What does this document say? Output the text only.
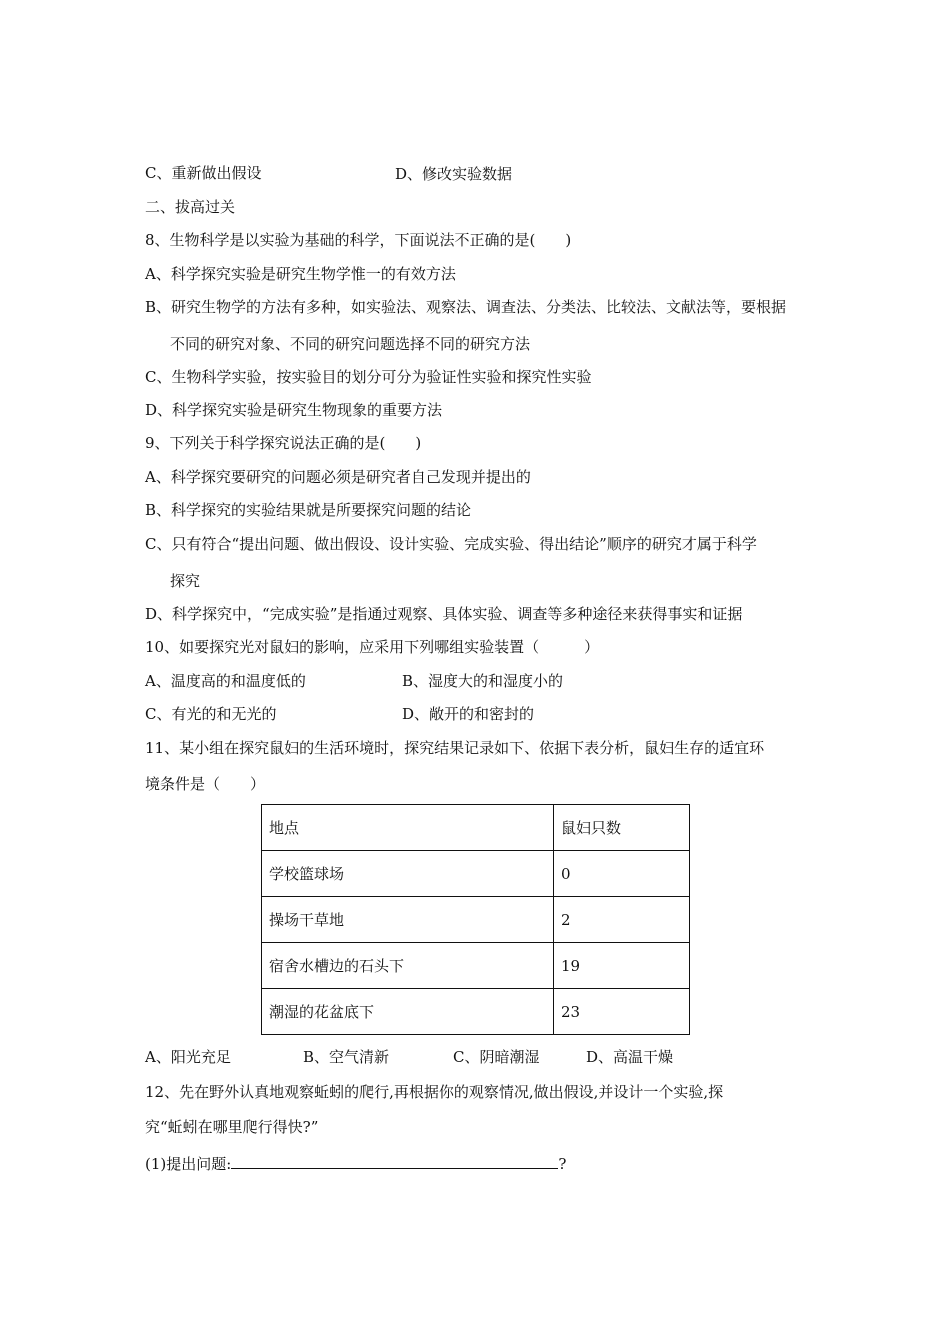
C、重新做出假设	D、修改实验数据
二、拔高过关
8、生物科学是以实验为基础的科学，下面说法不正确的是(　　)
A、科学探究实验是研究生物学惟一的有效方法
B、研究生物学的方法有多种，如实验法、观察法、调查法、分类法、比较法、文献法等，要根据
不同的研究对象、不同的研究问题选择不同的研究方法
C、生物科学实验，按实验目的划分可分为验证性实验和探究性实验
D、科学探究实验是研究生物现象的重要方法
9、下列关于科学探究说法正确的是(　　)
A、科学探究要研究的问题必须是研究者自己发现并提出的
B、科学探究的实验结果就是所要探究问题的结论
C、只有符合“提出问题、做出假设、设计实验、完成实验、得出结论”顺序的研究才属于科学
探究
D、科学探究中，“完成实验”是指通过观察、具体实验、调查等多种途径来获得事实和证据
10、如要探究光对鼠妇的影响，应采用下列哪组实验装置（　　　）
A、温度高的和温度低的	B、湿度大的和湿度小的
C、有光的和无光的	D、敞开的和密封的
11、某小组在探究鼠妇的生活环境时，探究结果记录如下、依据下表分析，鼠妇生存的适宜环
境条件是（　　）
地点	鼠妇只数
学校篮球场	0
操场干草地	2
宿舍水槽边的石头下	19
潮湿的花盆底下	23
A、阳光充足	B、空气清新	C、阴暗潮湿	D、高温干燥
12、先在野外认真地观察蚯蚓的爬行,再根据你的观察情况,做出假设,并设计一个实验,探
究“蚯蚓在哪里爬行得快?”
(1)提出问题:	?
